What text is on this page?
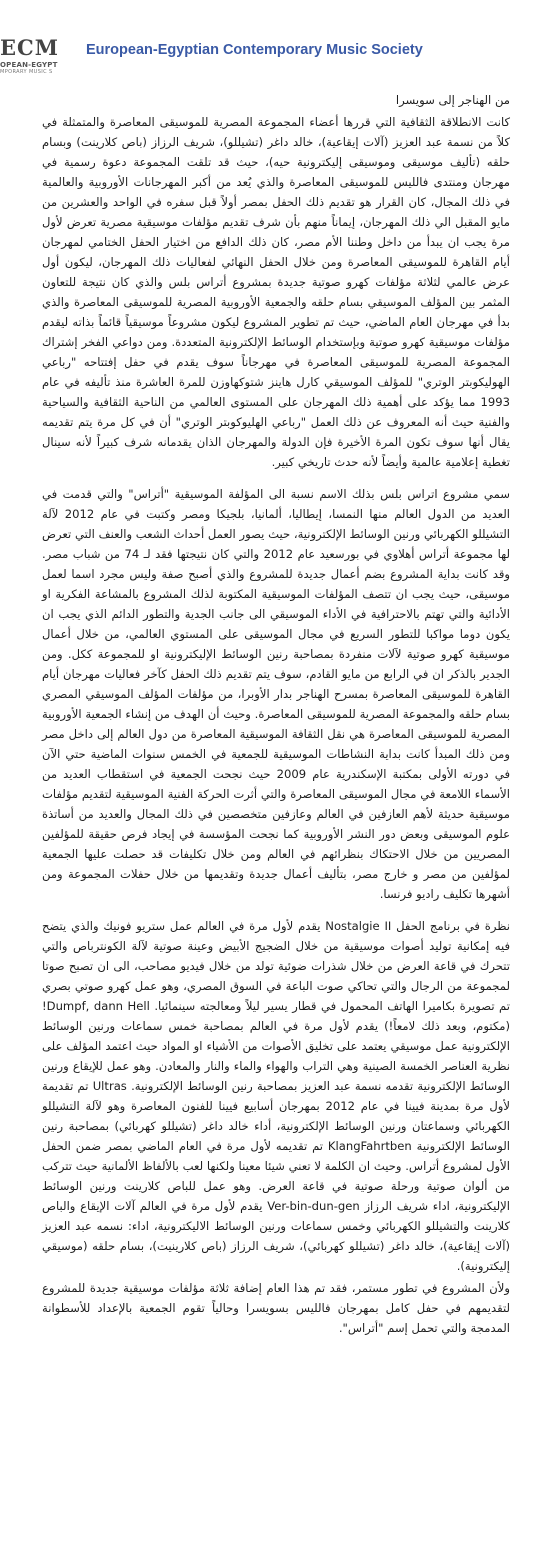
ECM
OPEAN-EGYPT
MPORARY MUSIC S
European-Egyptian Contemporary Music Society

من الهناجر إلى سويسرا

كانت الانطلاقة الثقافية التي قررها أعضاء المجموعة المصرية للموسيقى المعاصرة والمتمثلة في كلاً من نسمة عبد العزيز (آلات إيقاعية)، خالد داغر (تشيللو)، شريف الرزاز (باص كلارينت) وبسام حلقه (تأليف موسيقى وموسيقى إليكترونية حيه)، حيث قد تلقت المجموعة دعوة رسمية في مهرجان ومنتدى فالليس للموسيقى المعاصرة والذي يُعد من أكبر المهرجانات الأوروبية والعالمية في ذلك المجال، كان القرار هو تقديم ذلك الحفل بمصر أولاً قبل سفره في الواحد والعشرين من مايو المقبل الي ذلك المهرجان، إيماناً منهم بأن شرف تقديم مؤلفات موسيقية مصرية تعرض لأول مرة يجب ان يبدأ من داخل وطننا الأم مصر، كان ذلك الدافع من اختيار الحفل الختامي لمهرجان أيام القاهرة للموسيقى المعاصرة ومن خلال الحفل النهائي لفعاليات ذلك المهرجان، ليكون أول عرض عالمي لثلاثة مؤلفات كهرو صوتية جديدة بمشروع أتراس بلس والذي كان نتيجة للتعاون المثمر بين المؤلف الموسيقي بسام حلقه والجمعية الأوروبية المصرية للموسيقى المعاصرة والذي بدأ في مهرجان العام الماضي، حيث تم تطوير المشروع ليكون مشروعاً موسيقياً قائماً بذاته ليقدم مؤلفات موسيقية كهرو صوتية وبإستخدام الوسائط الإلكترونية المتعددة. ومن دواعي الفخر إشتراك المجموعة المصرية للموسيقى المعاصرة في مهرجاناً سوف يقدم في حفل إفتتاحه "رباعي الهوليكوبتر الوتري" للمؤلف الموسيقي كارل هاينز شتوكهاوزن للمرة العاشرة منذ تأليفه في عام 1993 مما يؤكد على أهمية ذلك المهرجان على المستوى العالمي من الناحية الثقافية والسياحية والفنية حيث أنه المعروف عن ذلك العمل "رباعي الهليوكوبتر الوتري" أن في كل مرة يتم تقديمه يقال أنها سوف تكون المرة الأخيرة فإن الدولة والمهرجان الذان يقدمانه شرف كبيراً لأنه سينال تغطية إعلامية عالمية وأيضاً لأنه حدث تاريخي كبير.

سمي مشروع اتراس بلس بذلك الاسم نسبة الى المؤلفة الموسيقية "أتراس" والتي قدمت في العديد من الدول العالم منها النمسا، إيطاليا، ألمانيا، بلجيكا ومصر وكتبت في عام 2012 لآلة التشيللو الكهربائي ورنين الوسائط الإلكترونية، حيث يصور العمل أحداث الشعب والعنف التي تعرض لها مجموعة أتراس أهلاوي في بورسعيد عام 2012 والتي كان نتيجتها فقد لـ 74 من شباب مصر. وقد كانت بداية المشروع بضم أعمال جديدة للمشروع والذي أصبح صفة وليس مجرد اسما لعمل موسيقى، حيث يجب ان تتصف المؤلفات الموسيقية المكتوبة لذلك المشروع بالمشاعة الفكرية او الأدائية والتي تهتم بالاحترافية في الأداء الموسيقي الى جانب الجدية والتطور الدائم الذي يجب ان يكون دوما مواكبا للتطور السريع في مجال الموسيقى على المستوي العالمي، من خلال أعمال موسيقية كهرو صوتية لآلات منفردة بمصاحبة رنين الوسائط الإليكترونية او للمجموعة ككل. ومن الجدير بالذكر ان في الرابع من مايو القادم، سوف يتم تقديم ذلك الحفل كآخر فعاليات مهرجان أيام القاهرة للموسيقى المعاصرة بمسرح الهناجر بدار الأوبرا، من مؤلفات المؤلف الموسيقي المصري بسام حلقه والمجموعة المصرية للموسيقى المعاصرة. وحيث أن الهدف من إنشاء الجمعية الأوروبية المصرية للموسيقى المعاصرة هي نقل الثقافة الموسيقية المعاصرة من دول العالم إلى داخل مصر ومن ذلك المبدأ كانت بداية النشاطات الموسيقية للجمعية في الخمس سنوات الماضية حتي الآن في دورته الأولى بمكتبة الإسكندرية عام 2009 حيث نجحت الجمعية في استقطاب العديد من الأسماء اللامعة في مجال الموسيقى المعاصرة والتي أثرت الحركة الفنية الموسيقية لتقديم مؤلفات موسيقية حديثة لأهم العازفين في العالم وعازفين متخصصين في ذلك المجال والعديد من أساتذة علوم الموسيقى وبعض دور النشر الأوروبية كما نجحت المؤسسة في إيجاد فرص حقيقة للمؤلفين المصريين من خلال الاحتكاك بنظرائهم في العالم ومن خلال تكليفات قد حصلت عليها الجمعية لمؤلفين من مصر و خارج مصر، بتأليف أعمال جديدة وتقديمها من خلال حفلات المجموعة ومن أشهرها تكليف راديو فرنسا.

نظرة في برنامج الحفل Nostalgie II يقدم لأول مرة في العالم عمل ستريو فونيك والذي يتضح فيه إمكانية توليد أصوات موسيقية من خلال الضجيج الأبيض وعينة صوتية لآلة الكونترباص والتي تتحرك في قاعة العرض من خلال شذرات ضوئية تولد من خلال فيديو مصاحب، الى ان تصبح صوتا لمجموعة من الرجال والتي تحاكي صوت الباعة في السوق المصري، وهو عمل كهرو صوتي بصري تم تصويرة بكاميرا الهاتف المحمول في قطار يسير ليلاً ومعالجته سينمائيا. Dumpf, dann Hell! (مكتوم، وبعد ذلك لامعاً!) يقدم لأول مرة في العالم بمصاحبة خمس سماعات ورنين الوسائط الإلكترونية عمل موسيقي يعتمد على تخليق الأصوات من الأشياء او المواد حيث اعتمد المؤلف على نظرية العناصر الخمسة الصينية وهي التراب والهواء والماء والنار والمعادن. وهو عمل للإيقاع ورنين الوسائط الإلكترونية تقدمه نسمة عبد العزيز بمصاحبة رنين الوسائط الإلكترونية. Ultras تم تقديمة لأول مرة بمدينة فيينا في عام 2012 بمهرجان أسابيع فيينا للفنون المعاصرة وهو لآلة التشيللو الكهربائي وسماعتان ورنين الوسائط الإلكترونية، أداء خالد داغر (تشيللو كهربائي) بمصاحبة رنين الوسائط الإلكترونية KlangFahrtben تم تقديمه لأول مرة في العام الماضي بمصر ضمن الحفل الأول لمشروع أتراس. وحيث ان الكلمة لا تعني شيئا معينا ولكنها لعب بالألفاظ الألمانية حيث تتركب من ألوان صوتية ورحلة صوتية في قاعة العرض. وهو عمل للباص كلارينت ورنين الوسائط الإليكترونية، اداء شريف الرزاز Ver-bin-dun-gen يقدم لأول مرة في العالم آلات الإيقاع والباص كلارينت والتشيللو الكهربائي وخمس سماعات ورنين الوسائط الاليكترونية، اداء: نسمه عبد العزيز (آلات إيقاعية)، خالد داغر (تشيللو كهربائي)، شريف الرزاز (باص كلارينيت)، بسام حلقه (موسيقي إليكترونية).

ولأن المشروع في تطور مستمر، فقد تم هذا العام إضافة ثلاثة مؤلفات موسيقية جديدة للمشروع لتقديمهم في حفل كامل بمهرجان فالليس بسويسرا وحالياً تقوم الجمعية بالإعداد للأسطوانة المدمجة والتي تحمل إسم "أتراس".
